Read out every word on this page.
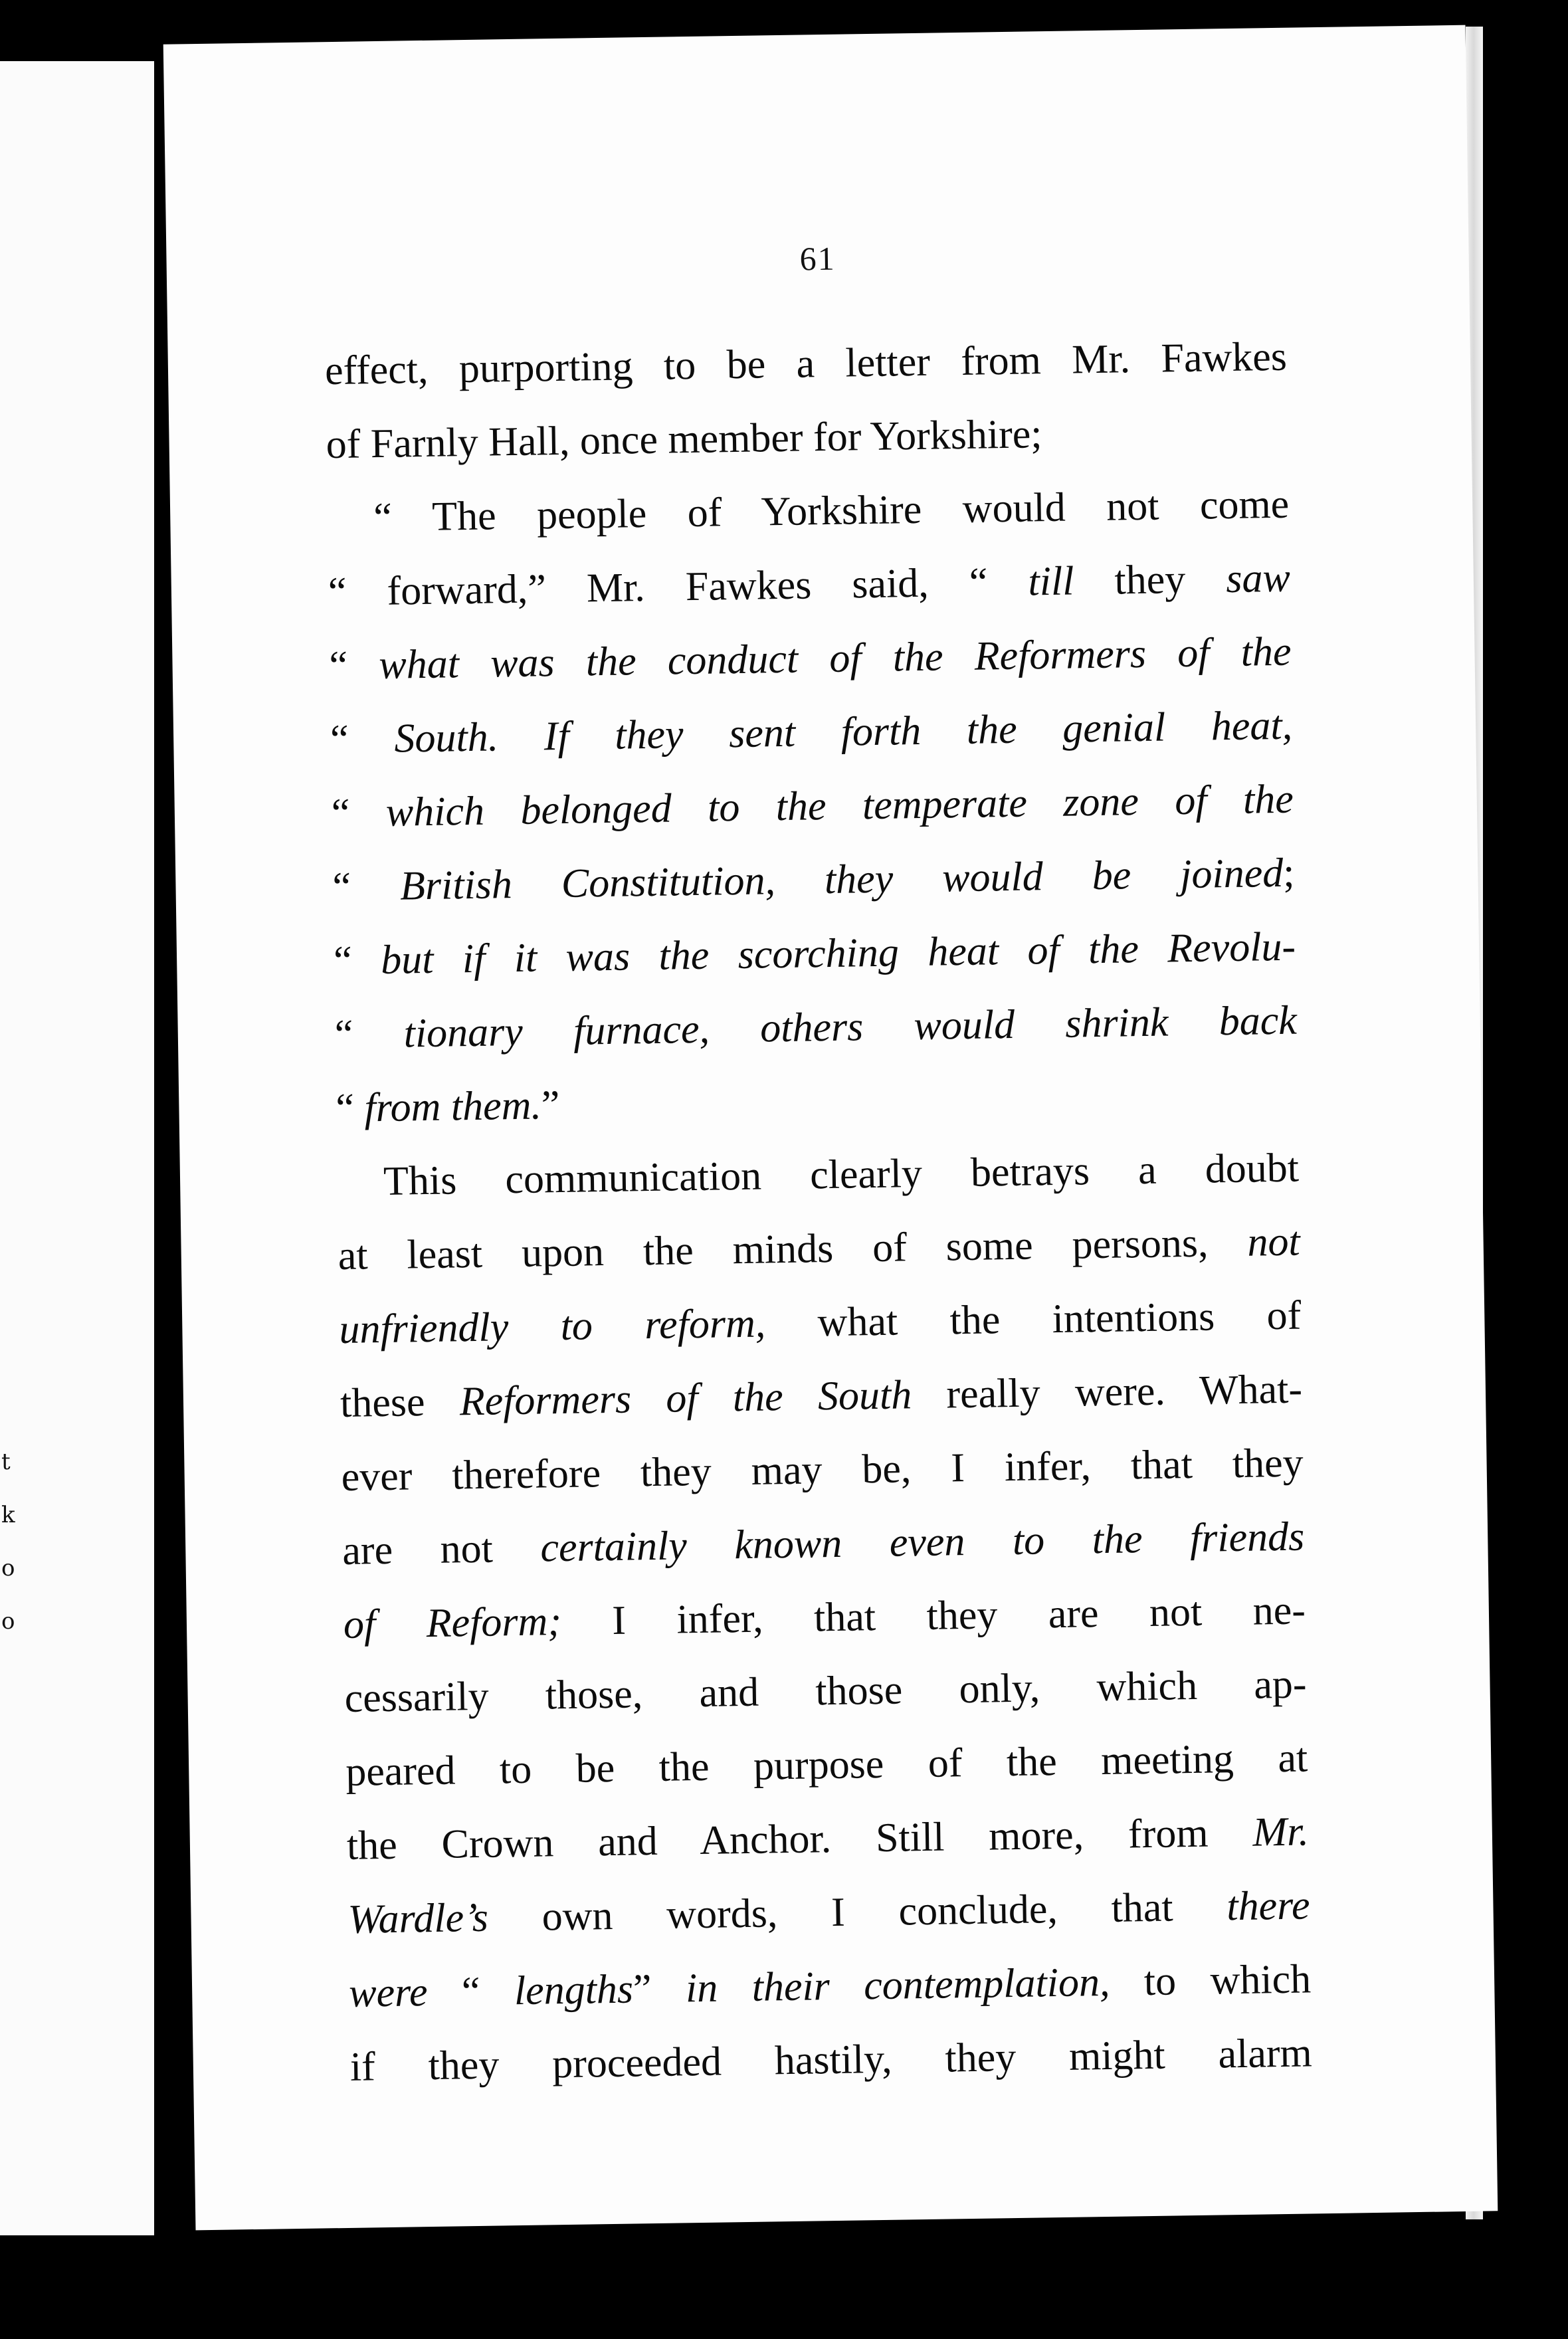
t
k
o
o
61
effect, purporting to be a letter from Mr. Fawkes
of Farnly Hall, once member for Yorkshire;
“ The people of Yorkshire would not come
“ forward,” Mr. Fawkes said, “ till they saw
“ what was the conduct of the Reformers of the
“ South. If they sent forth the genial heat,
“ which belonged to the temperate zone of the
“ British Constitution, they would be joined;
“ but if it was the scorching heat of the Revolu-
“ tionary furnace, others would shrink back
“ from them.”
This communication clearly betrays a doubt
at least upon the minds of some persons, not
unfriendly to reform, what the intentions of
these Reformers of the South really were. What-
ever therefore they may be, I infer, that they
are not certainly known even to the friends
of Reform; I infer, that they are not ne-
cessarily those, and those only, which ap-
peared to be the purpose of the meeting at
the Crown and Anchor. Still more, from Mr.
Wardle’s own words, I conclude, that there
were “ lengths” in their contemplation, to which
if they proceeded hastily, they might alarm
